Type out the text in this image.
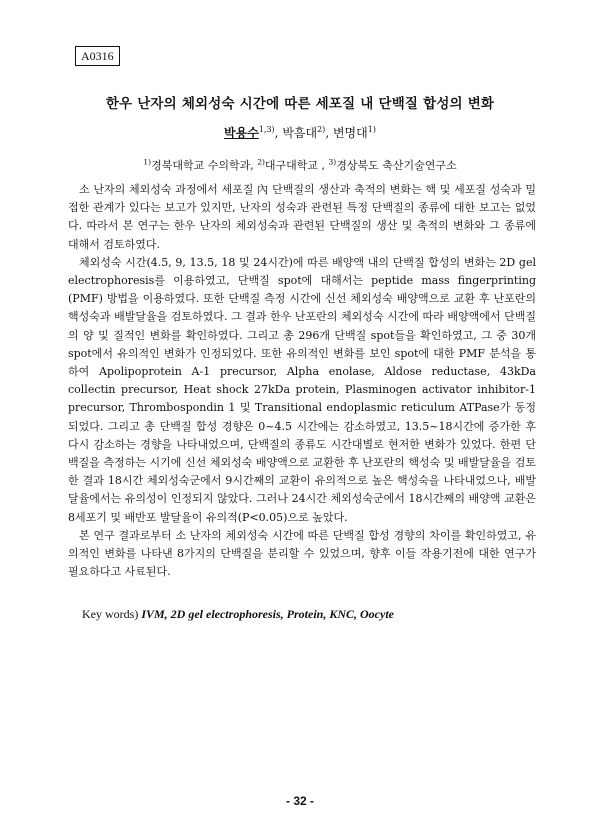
A0316
한우 난자의 체외성숙 시간에 따른 세포질 내 단백질 합성의 변화
박용수$^{1,3)}$, 박흠대$^{2)}$, 변명대$^{1)}$
$^{1)}$경북대학교 수의학과, $^{2)}$대구대학교 , $^{3)}$경상북도 축산기술연구소

소 난자의 체외성숙 과정에서 세포질 內 단백질의 생산과 축적의 변화는 핵 및 세포질 성숙과 밀접한 관계가 있다는 보고가 있지만, 난자의 성숙과 관련된 특정 단백질의 종류에 대한 보고는 없었다. 따라서 본 연구는 한우 난자의 체외성숙과 관련된 단백질의 생산 및 축적의 변화와 그 종류에 대해서 검토하였다.

체외성숙 시간(4.5, 9, 13.5, 18 및 24시간)에 따른 배양액 내의 단백질 합성의 변화는 2D gel electrophoresis를 이용하였고, 단백질 spot에 대해서는 peptide mass fingerprinting (PMF) 방법을 이용하였다. 또한 단백질 측정 시간에 신선 체외성숙 배양액으로 교환 후 난포란의 핵성숙과 배발달율을 검토하였다. 그 결과 한우 난포란의 체외성숙 시간에 따라 배양액에서 단백질의 양 및 질적인 변화를 확인하였다. 그리고 총 296개 단백질 spot들을 확인하였고, 그 중 30개 spot에서 유의적인 변화가 인정되었다. 또한 유의적인 변화를 보인 spot에 대한 PMF 분석을 통하여 Apolipoprotein A-1 precursor, Alpha enolase, Aldose reductase, 43kDa collectin precursor, Heat shock 27kDa protein, Plasminogen activator inhibitor-1 precursor, Thrombospondin 1 및 Transitional endoplasmic reticulum ATPase가 동정되었다. 그리고 총 단백질 합성 경향은 0~4.5 시간에는 감소하였고, 13.5~18시간에 증가한 후 다시 감소하는 경향을 나타내었으며, 단백질의 종류도 시간대별로 현저한 변화가 있었다. 한편 단백질을 측정하는 시기에 신선 체외성숙 배양액으로 교환한 후 난포란의 핵성숙 및 배발달율을 검토한 결과 18시간 체외성숙군에서 9시간째의 교환이 유의적으로 높은 핵성숙을 나타내었으나, 배발달율에서는 유의성이 인정되지 않았다. 그러나 24시간 체외성숙군에서 18시간째의 배양액 교환은 8세포기 및 배반포 발달율이 유의적(P<0.05)으로 높았다.

본 연구 결과로부터 소 난자의 체외성숙 시간에 따른 단백질 합성 경향의 차이를 확인하였고, 유의적인 변화를 나타낸 8가지의 단백질을 분리할 수 있었으며, 향후 이들 작용기전에 대한 연구가 필요하다고 사료된다.

Key words) IVM, 2D gel electrophoresis, Protein, KNC, Oocyte
- 32 -
